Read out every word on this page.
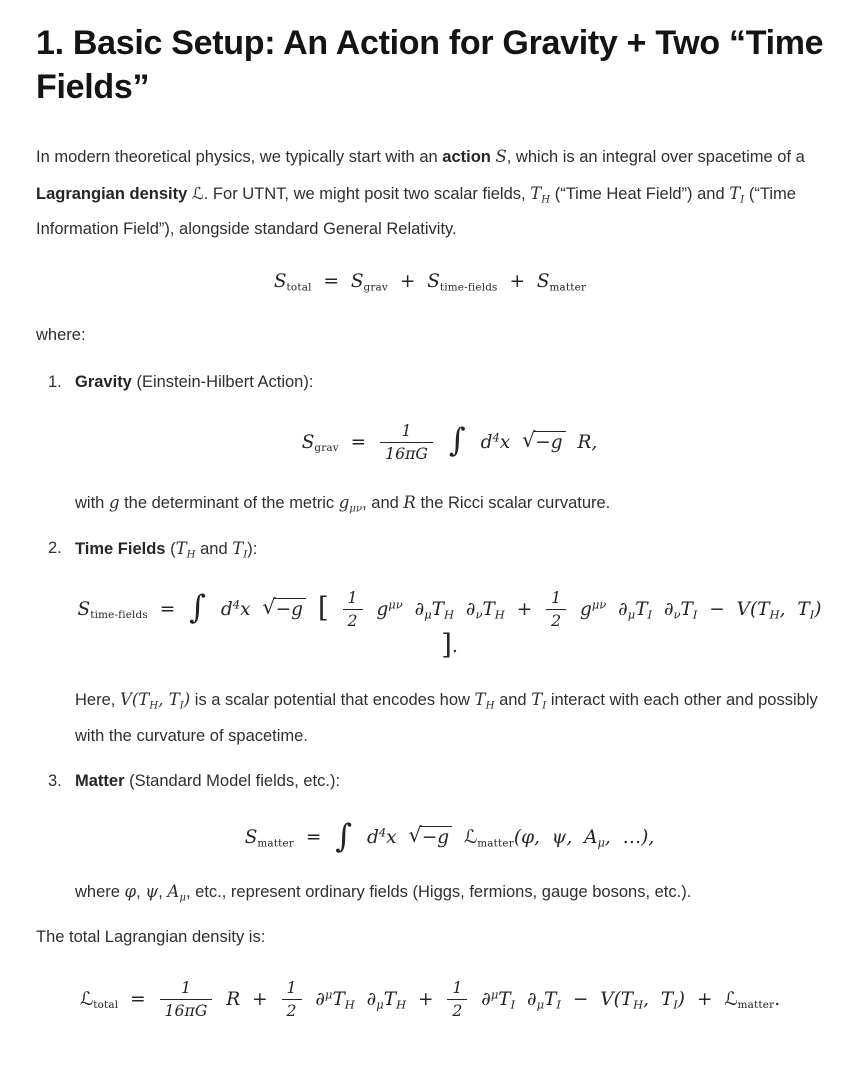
1. Basic Setup: An Action for Gravity + Two “Time Fields”

In modern theoretical physics, we typically start with an action S, which is an integral over spacetime of a Lagrangian density ℒ. For UTNT, we might posit two scalar fields, $T_H$ (“Time Heat Field”) and $T_I$ (“Time Information Field”), alongside standard General Relativity.

$S_{total} = S_{grav} + S_{time-fields} + S_{matter}$

where:

1. Gravity (Einstein-Hilbert Action):

$S_{grav} = \frac{1}{16\pi G}$ ∫ $d^4x$ √−g R,

with g the determinant of the metric $g_{\mu\nu}$, and R the Ricci scalar curvature.

2. Time Fields ($T_H$ and $T_I$):

$S_{time-fields}$ = ∫ $d^4x$ √−g [ $\frac{1}{2} g^{\mu\nu}$ $\partial_\mu T_H$ $\partial_\nu T_H + \frac{1}{2} g^{\mu\nu}$ $\partial_\mu T_I$ $\partial_\nu T_I - V(T_H$, $T_I$) ].

Here, $V(T_H$, $T_I$) is a scalar potential that encodes how $T_H$ and $T_I$ interact with each other and possibly with the curvature of spacetime.

3. Matter (Standard Model fields, etc.):

$S_{matter}$ = ∫ $d^4x$ √−g ℒ$_{matter}$(φ, ψ, $A_\mu$, …),

where φ, ψ, $A_\mu$, etc., represent ordinary fields (Higgs, fermions, gauge bosons, etc.).

The total Lagrangian density is:

ℒ$_{total}$ = $\frac{1}{16\pi G}$ $R + \frac{1}{2} \partial^\mu T_H$ $\partial_\mu T_H + \frac{1}{2} \partial^\mu T_I$ $\partial_\mu T_I - V(T_H$, $T_I$) + ℒ$_{matter}$.
